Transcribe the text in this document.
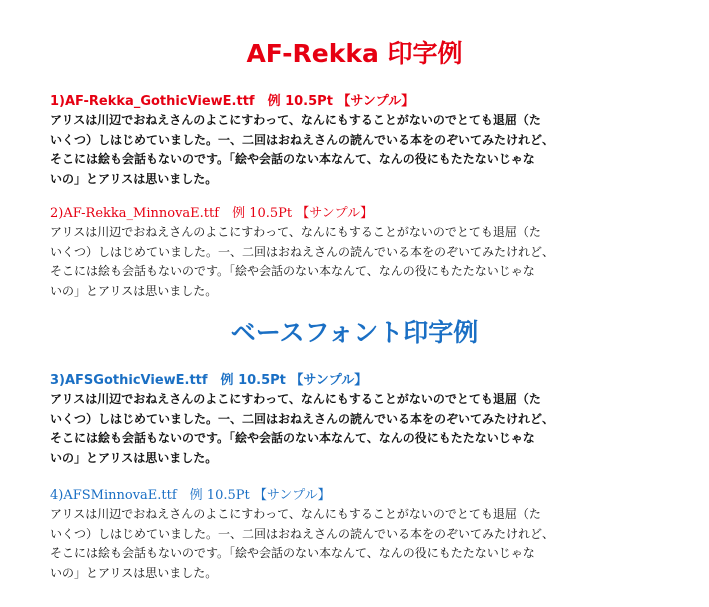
AF-Rekka 印字例

1)AF-Rekka_GothicViewE.ttf　例 10.5Pt 【サンプル】

アリスは川辺でおねえさんのよこにすわって、なんにもすることがないのでとても退屈（た
いくつ）しはじめていました。一、二回はおねえさんの読んでいる本をのぞいてみたけれど、
そこには絵も会話もないのです。「絵や会話のない本なんて、なんの役にもたたないじゃな
いの」とアリスは思いました。

2)AF-Rekka_MinnovaE.ttf　例 10.5Pt 【サンプル】

アリスは川辺でおねえさんのよこにすわって、なんにもすることがないのでとても退屈（た
いくつ）しはじめていました。一、二回はおねえさんの読んでいる本をのぞいてみたけれど、
そこには絵も会話もないのです。「絵や会話のない本なんて、なんの役にもたたないじゃな
いの」とアリスは思いました。

ベースフォント印字例

3)AFSGothicViewE.ttf　例 10.5Pt 【サンプル】

アリスは川辺でおねえさんのよこにすわって、なんにもすることがないのでとても退屈（た
いくつ）しはじめていました。一、二回はおねえさんの読んでいる本をのぞいてみたけれど、
そこには絵も会話もないのです。「絵や会話のない本なんて、なんの役にもたたないじゃな
いの」とアリスは思いました。

4)AFSMinnovaE.ttf　例 10.5Pt 【サンプル】

アリスは川辺でおねえさんのよこにすわって、なんにもすることがないのでとても退屈（た
いくつ）しはじめていました。一、二回はおねえさんの読んでいる本をのぞいてみたけれど、
そこには絵も会話もないのです。「絵や会話のない本なんて、なんの役にもたたないじゃな
いの」とアリスは思いました。
